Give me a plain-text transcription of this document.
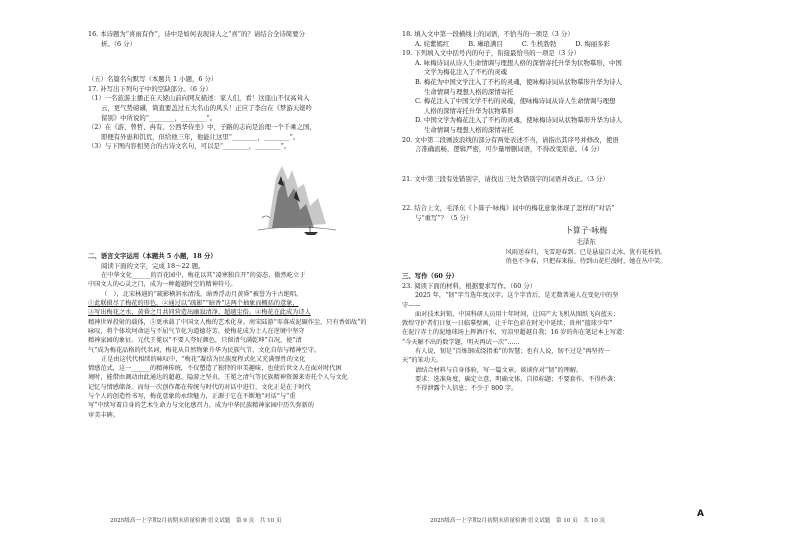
16. 本诗题为“喜雨有作”，诗中是如何表现诗人之“喜”的？请结合全诗简要分
析。（6 分）
（五）名篇名句默写（本题共 1 小题，6 分）
17. 补写出下列句子中的空缺部分。（6 分）
（1）一名旅游主播正在天姥山前向网友描述：家人们，看！这座山不仅高耸入
云，更气势磅礴，简直要盖过五大名山的风头！正应了李白在《梦游天姥吟
留别》中所说的“________，________”。
（2）在《游、曾哲、冉有、公西华侍坐》中，子路的志向是治理一个千乘之国，
即便有外患和饥荒，但给他三年，他能让这里“________，________”。
（3）与下图内容相契合的古诗文名句，可以是“________，________”。
二、语言文字运用（本题共 5 小题，18 分）
阅读下面的文字，完成 18～22 题。
在中华文化______的百花园中，梅花以其“凌寒独自开”的姿态，傲然屹立于
中国文人的心灵之门，成为一种超越时空的精神符号。
（　），北宋林逋的“疏影横斜水清浅，暗香浮动月黄昏”被誉为千古绝唱。
①此联摄尽了梅花的形色，②通过以“疏影”“暗香”这两个抽象而概括的意象，
③写出梅花之水、黄昏之月共同营造出幽寂清净、超越尘俗。④梅花在此成为诗人
精神世界投射的载体，⑤更承载了中国文人梅的艺术化身。南宋陆游“零落成泥碾作尘，只有香如故”的
咏叹，将个体坎坷命运与不屈气节化为道德芬芳，使梅花成为士人在逆境中坚守
精神家园的象征。元代王冕以“不要人夸好颜色，只留清气满乾坤”自况，使“清
气”成为梅花品格的代名词，梅花从自然物象升华为民族气节、文化自信与精神空守。
正是由这代代相续的咏叹中，“梅花”凝结为民族度程式化又充满弹性的文化
情感范式，这一______的精神传统，不仅塑造了独特的审美趣味，也使后世文人在面对时代困
境时，能借由调动由此通达的超越、隐游之坚贞，王冕之清气等民族精神资源来寄托个人与文化
记忆与情感储备。而每一次创作都在传统与时代的对话中进行，文化正是在于时代
与个人的创造性书写，梅花意象的永续魅力，正源于它在不断地“对话”与“重
写”中续写着自身的艺术生命力与文化感召力，成为中华民族精神家园中历久弥新的
审美丰碑。
2025级高一上学期2月初期末质量检测·语文试题　第 9 页　共 10 页
18. 填入文中第一段横线上的词语，不恰当的一项是（3 分）
A. 姹紫嫣红　　　B. 琳琅满目　　　C. 生机勃勃　　　D. 绚丽多彩
19. 下列填入文中括号内的句子，衔接最恰当的一项是（3 分）
A. 咏梅诗词从诗人生命情调与理想人格的深情寄托升华为状物摹形，中国
文学为梅花注入了不朽的灵魂
B. 梅花为中国文学注入了不朽的灵魂，使咏梅诗词从状物摹形升华为诗人
生命情调与理想人格的深情寄托
C. 梅花注入了中国文学不朽的灵魂，使咏梅诗词从诗人生命情调与理想
人格的深情寄托升华为状物摹形
D. 中国文学为梅花注入了不朽的灵魂，使咏梅诗词从状物摹形升华为诗人
生命情调与理想人格的深情寄托
20. 文中第二段画波浪线的部分有两处表述不当，请指出其序号并修改，使语
言准确流畅，逻辑严密，可少量增删词语，不得改变原意。（4 分）
21. 文中第三段有处错别字，请找出三处含错别字的词语并改正。（3 分）
22. 结合上文，毛泽东《卜算子·咏梅》词中的梅花意象体现了怎样的“对话”
与“重写”？（5 分）
卜算子·咏梅
毛泽东
风雨送春归，飞雪迎春到。已是悬崖百丈冰，犹有花枝俏。
俏也不争春，只把春来报。待到山花烂漫时，她在丛中笑。
三、写作（60 分）
23. 阅读下面的材料，根据要求写作。（60 分）
2025 年，“韧”字当选年度汉字。这个字背后，是无数普通人在变化中的坚
守——
面对技术封锁，中国科研人员用十年时间，让国产大飞机从图纸飞向蓝天；
敦煌守护者们日复一日临摹壁画，让千年色彩在时光中延续；贵州“篮球少年”
在泥泞赤土的泥地球场上挥洒汗水，穷凉里超越自我；16 岁的你在笔记本上写道：
“今天解不出的数学题，明天再试一次”……
有人说，韧是“百炼钢成绕指柔”的智慧；也有人说，韧不过是“再坚持一
天”的笨功夫。
请结合材料与自身体验，写一篇文章，谈谈你对“韧”的理解。
要求：选准角度，确定立意，明确文体，自拟标题；不要套作，不得抄袭；
不得泄露个人信息；不少于 800 字。
2025级高一上学期2月初期末质量检测·语文试题　第 10 页　共 10 页
A
